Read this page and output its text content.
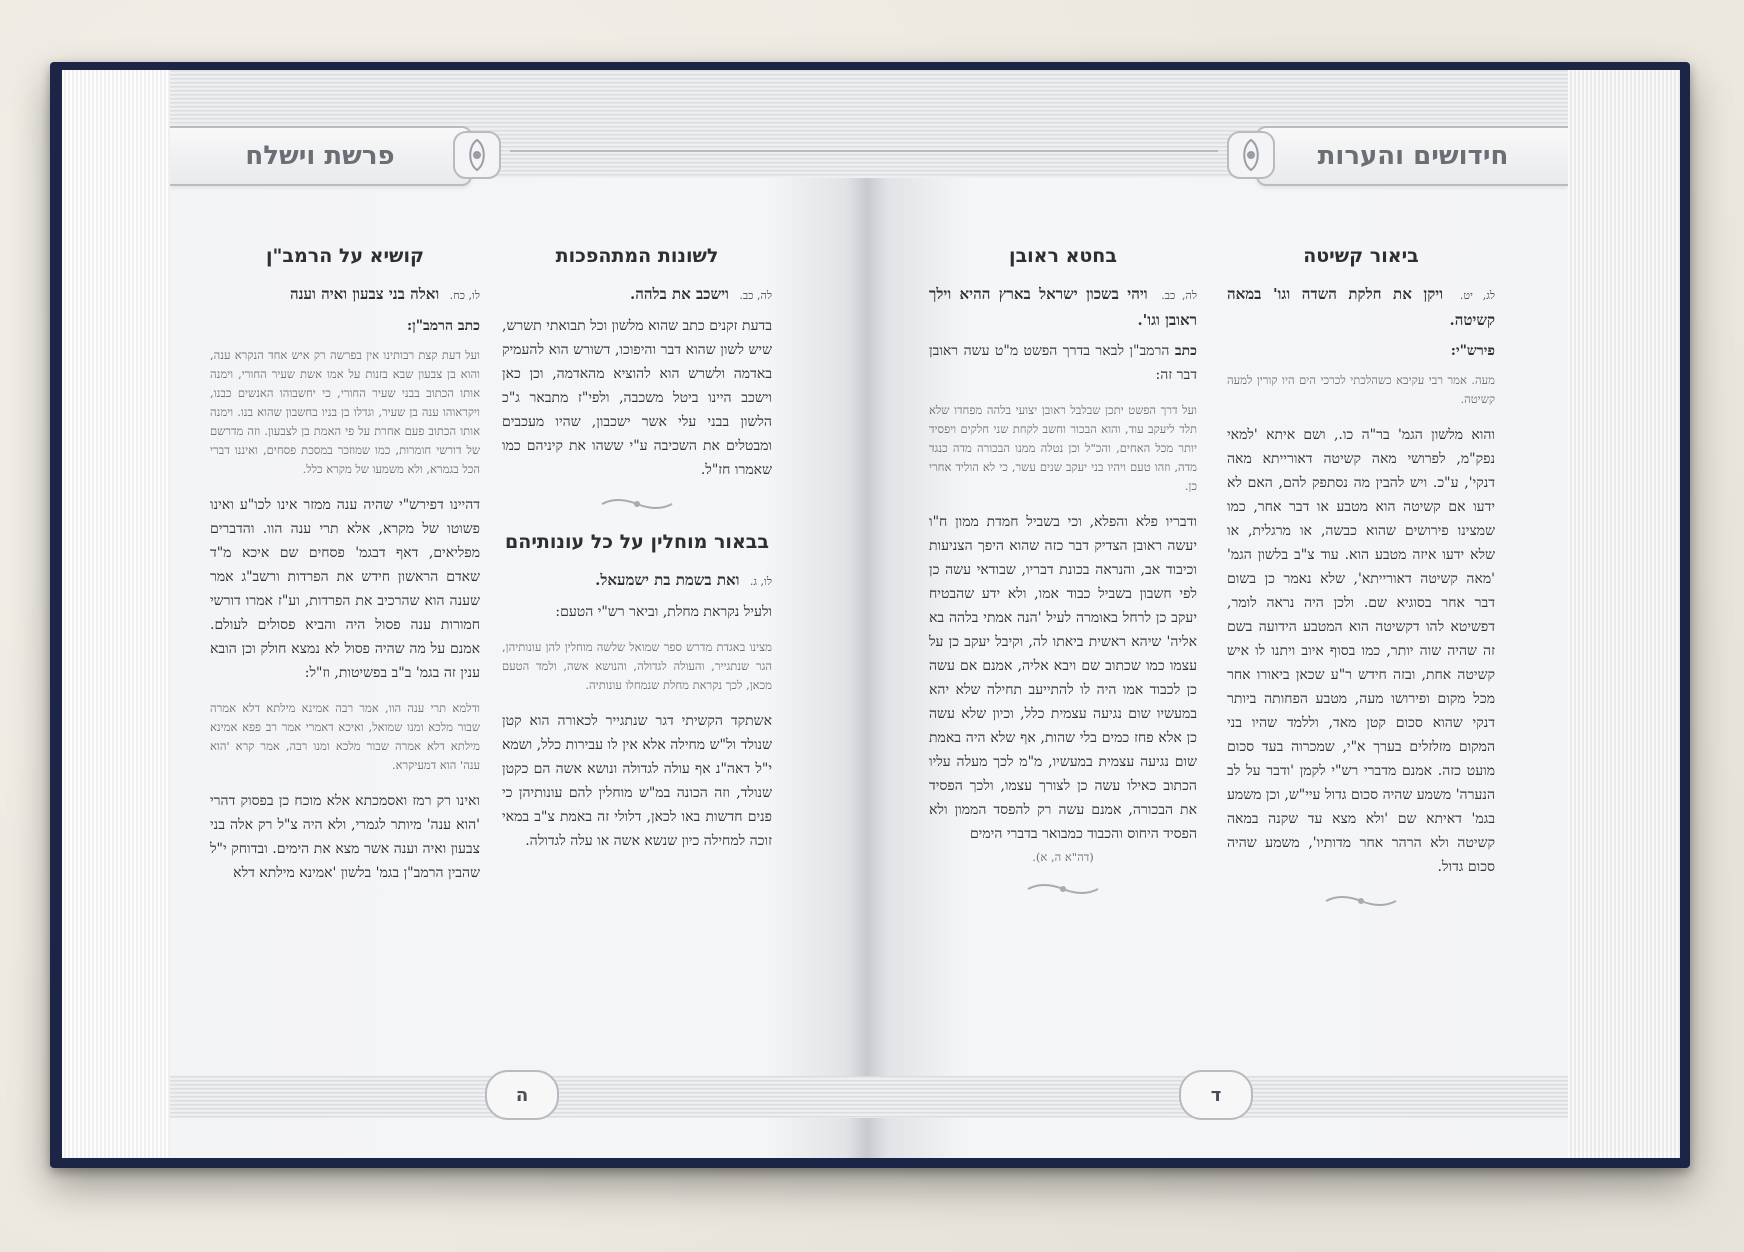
פרשת וישלח
לשונות המתהפכות
לה, כב. וישכב את בלהה.

בדעת זקנים כתב שהוא מלשון וכל תבואתי תשרש, שיש לשון שהוא דבר והיפוכו, דשורש הוא להעמיק באדמה ולשרש הוא להוציא מהאדמה, וכן כאן וישכב היינו ביטל משכבה, ולפי"ז מתבאר ג"כ הלשון בבני עלי אשר ישכבון, שהיו מעכבים ומבטלים את השכיבה ע"י ששהו את קיניהם כמו שאמרו חז"ל.

בבאור מוחלין על כל עונותיהם
לו, ג. ואת בשמת בת ישמעאל.

ולעיל נקראת מחלת, וביאר רש"י הטעם:

מצינו באגדת מדרש ספר שמואל שלשה מוחלין להן עונותיהן, הגר שנתגייר, והעולה לגדולה, והנושא אשה, ולמד הטעם מכאן, לכך נקראת מחלת שנמחלו עונותיה.

אשתקד הקשיתי דגר שנתגייר לכאורה הוא קטן שנולד ול"ש מחילה אלא אין לו עבירות כלל, ושמא י"ל דאה"נ אף עולה לגדולה ונושא אשה הם כקטן שנולד, וזה הכונה במ"ש מוחלין להם עונותיהן כי פנים חדשות באו לכאן, דלולי זה באמת צ"ב במאי זוכה למחילה כיון שנשא אשה או עלה לגדולה.

קושיא על הרמב"ן
לו, כח. ואלה בני צבעון ואיה וענה
כתב הרמב"ן:

ועל דעת קצת רבותינו אין בפרשה רק איש אחד הנקרא ענה, והוא בן צבעון שבא בזנות על אמו אשת שעיר החורי, וימנה אותו הכתוב בבני שעיר החורי, כי יחשבוהו האנשים כבנו, ויקראוהו ענה בן שעיר, וגדלו בן בניו בחשבון שהוא בנו. וימנה אותו הכתוב פעם אחרת על פי האמת בן לצבעון. וזה מדרשם של דורשי חומרות, כמו שמוזכר במסכת פסחים, ואיננו דברי הכל בגמרא, ולא משמעו של מקרא כלל.

דהיינו דפירש"י שהיה ענה ממזר אינו לכו"ע ואינו פשוטו של מקרא, אלא תרי ענה הוו. והדברים מפליאים, דאף דבגמ' פסחים שם איכא מ"ד שאדם הראשון חידש את הפרדות ורשב"ג אמר שענה הוא שהרכיב את הפרדות, וע"ז אמרו דורשי חמורות ענה פסול היה והביא פסולים לעולם. אמנם על מה שהיה פסול לא נמצא חולק וכן הובא ענין זה בגמ' ב"ב בפשיטות, וז"ל:

ודלמא תרי ענה הוו, אמר רבה אמינא מילתא דלא אמרה שבור מלכא ומנו שמואל, ואיכא דאמרי אמר רב פפא אמינא מילתא דלא אמרה שבור מלכא ומנו רבה, אמר קרא 'הוא ענה' הוא דמעיקרא.

ואינו רק רמז ואסמכתא אלא מוכח כן בפסוק דהרי 'הוא ענה' מיותר לגמרי, ולא היה צ"ל רק אלה בני צבעון ואיה וענה אשר מצא את הימים. ובדוחק י"ל שהבין הרמב"ן בגמ' בלשון 'אמינא מילתא דלא

ה
חידושים והערות
ביאור קשיטה
לג, יט. ויקן את חלקת השדה וגו' במאה קשיטה.
פירש"י:

מעה. אמר רבי עקיבא כשהלכתי לכרכי הים היו קורין למעה קשיטה.

והוא מלשון הגמ' בר"ה כו., ושם איתא 'למאי נפק"מ, לפרושי מאה קשיטה דאורייתא מאה דנקי', ע"כ. ויש להבין מה נסתפק להם, האם לא ידעו אם קשיטה הוא מטבע או דבר אחר, כמו שמצינו פירושים שהוא כבשה, או מרגלית, או שלא ידעו איזה מטבע הוא. עוד צ"ב בלשון הגמ' 'מאה קשיטה דאורייתא', שלא נאמר כן בשום דבר אחר בסוגיא שם. ולכן היה נראה לומר, דפשיטא להו דקשיטה הוא המטבע הידועה בשם זה שהיה שוה יותר, כמו בסוף איוב ויתנו לו איש קשיטה אחת, ובזה חידש ר"ע שכאן ביאורו אחר מכל מקום ופירושו מעה, מטבע הפחותה ביותר דנקי שהוא סכום קטן מאד, וללמד שהיו בני המקום מזלזלים בערך א"י, שמכרוה בעד סכום מועט כזה. אמנם מדברי רש"י לקמן 'ודבר על לב הנערה' משמע שהיה סכום גדול עיי"ש, וכן משמע בגמ' דאיתא שם 'ולא מצא עד שקנה במאה קשיטה ולא הרהר אחר מדותיו', משמע שהיה סכום גדול.

בחטא ראובן
לה, כב. ויהי בשכון ישראל בארץ ההיא וילך ראובן וגו'.

כתב הרמב"ן לבאר בדרך הפשט מ"ט עשה ראובן דבר זה:

ועל דרך הפשט יתכן שבלבל ראובן יצועי בלהה מפחדו שלא תלד ליעקב עוד, והוא הבכור וחשב לקחת שני חלקים ויפסיד יותר מכל האחים, והכ"ל וכן נטלה ממנו הבכורה מדה כנגד מדה, וזהו טעם ויהיו בני יעקב שנים עשר, כי לא הוליד אחרי כן.

ודבריו פלא והפלא, וכי בשביל חמדת ממון ח"ו יעשה ראובן הצדיק דבר כזה שהוא היפך הצניעות וכיבוד אב, והנראה בכונת דבריו, שבודאי עשה כן לפי חשבון בשביל כבוד אמו, ולא ידע שהבטיח יעקב כן לרחל באומרה לעיל 'הנה אמתי בלהה בא אליה' שיהא ראשית ביאתו לה, וקיבל יעקב כן על עצמו כמו שכתוב שם ויבא אליה, אמנם אם עשה כן לכבוד אמו היה לו להתייעב תחילה שלא יהא במעשיו שום נגיעה עצמית כלל, וכיון שלא עשה כן אלא פחז כמים בלי שהות, אף שלא היה באמת שום נגיעה עצמית במעשיו, מ"מ לכך מעלה עליו הכתוב כאילו עשה כן לצורך עצמו, ולכך הפסיד את הבכורה, אמנם עשה רק להפסד הממון ולא הפסיד היחוס והכבוד כמבואר בדברי הימים

(דה"א ה, א).
ד
